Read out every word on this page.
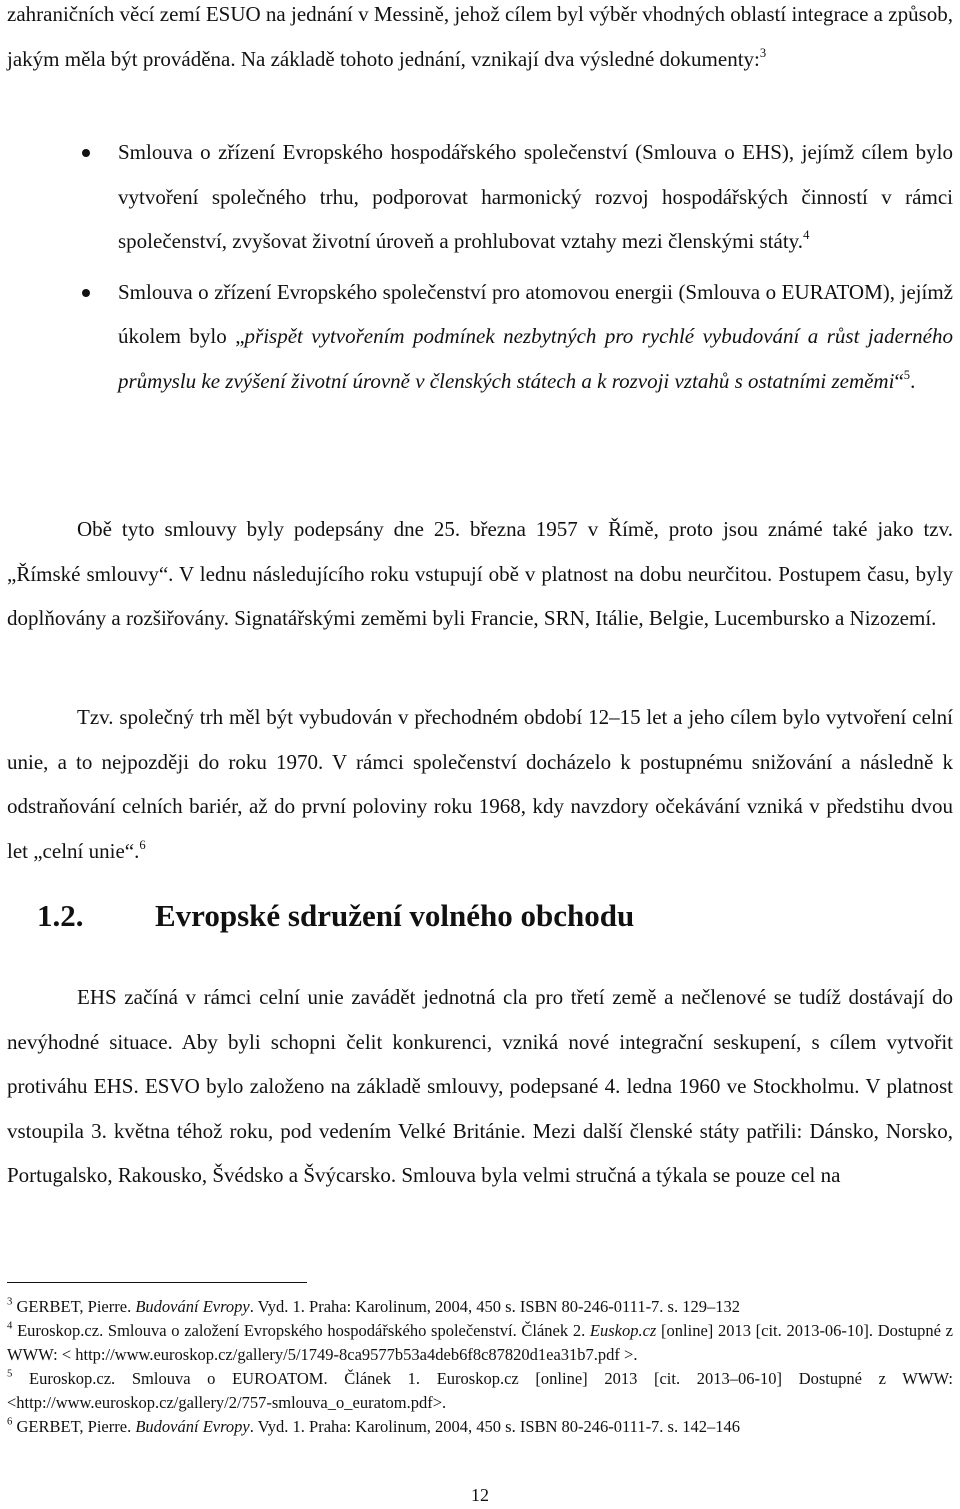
zahraničních věcí zemí ESUO na jednání v Messině, jehož cílem byl výběr vhodných oblastí integrace a způsob, jakým měla být prováděna. Na základě tohoto jednání, vznikají dva výsledné dokumenty:$^3$

Smlouva o zřízení Evropského hospodářského společenství (Smlouva o EHS), jejímž cílem bylo vytvoření společného trhu, podporovat harmonický rozvoj hospodářských činností v rámci společenství, zvyšovat životní úroveň a prohlubovat vztahy mezi členskými státy.$^4$
Smlouva o zřízení Evropského společenství pro atomovou energii (Smlouva o EURATOM), jejímž úkolem bylo „přispět vytvořením podmínek nezbytných pro rychlé vybudování a růst jaderného průmyslu ke zvýšení životní úrovně v členských státech a k rozvoji vztahů s ostatními zeměmi“$^5$.

Obě tyto smlouvy byly podepsány dne 25. března 1957 v Římě, proto jsou známé také jako tzv. „Římské smlouvy“. V lednu následujícího roku vstupují obě v platnost na dobu neurčitou. Postupem času, byly doplňovány a rozšiřovány. Signatářskými zeměmi byli Francie, SRN, Itálie, Belgie, Lucembursko a Nizozemí.

Tzv. společný trh měl být vybudován v přechodném období 12–15 let a jeho cílem bylo vytvoření celní unie, a to nejpozději do roku 1970. V rámci společenství docházelo k postupnému snižování a následně k odstraňování celních bariér, až do první poloviny roku 1968, kdy navzdory očekávání vzniká v předstihu dvou let „celní unie“.$^6$

1.2. Evropské sdružení volného obchodu

EHS začíná v rámci celní unie zavádět jednotná cla pro třetí země a nečlenové se tudíž dostávají do nevýhodné situace. Aby byli schopni čelit konkurenci, vzniká nové integrační seskupení, s cílem vytvořit protiváhu EHS. ESVO bylo založeno na základě smlouvy, podepsané 4. ledna 1960 ve Stockholmu. V platnost vstoupila 3. května téhož roku, pod vedením Velké Británie. Mezi další členské státy patřili: Dánsko, Norsko, Portugalsko, Rakousko, Švédsko a Švýcarsko. Smlouva byla velmi stručná a týkala se pouze cel na

$^3$ GERBET, Pierre. Budování Evropy. Vyd. 1. Praha: Karolinum, 2004, 450 s. ISBN 80-246-0111-7. s. 129–132

$^4$ Euroskop.cz. Smlouva o založení Evropského hospodářského společenství. Článek 2. Euskop.cz [online] 2013 [cit. 2013-06-10]. Dostupné z WWW: < http://www.euroskop.cz/gallery/5/1749-8ca9577b53a4deb6f8c87820d1ea31b7.pdf >.

$^5$ Euroskop.cz. Smlouva o EUROATOM. Článek 1. Euroskop.cz [online] 2013 [cit. 2013–06-10] Dostupné z WWW: <http://www.euroskop.cz/gallery/2/757-smlouva_o_euratom.pdf>.

$^6$ GERBET, Pierre. Budování Evropy. Vyd. 1. Praha: Karolinum, 2004, 450 s. ISBN 80-246-0111-7. s. 142–146

12
